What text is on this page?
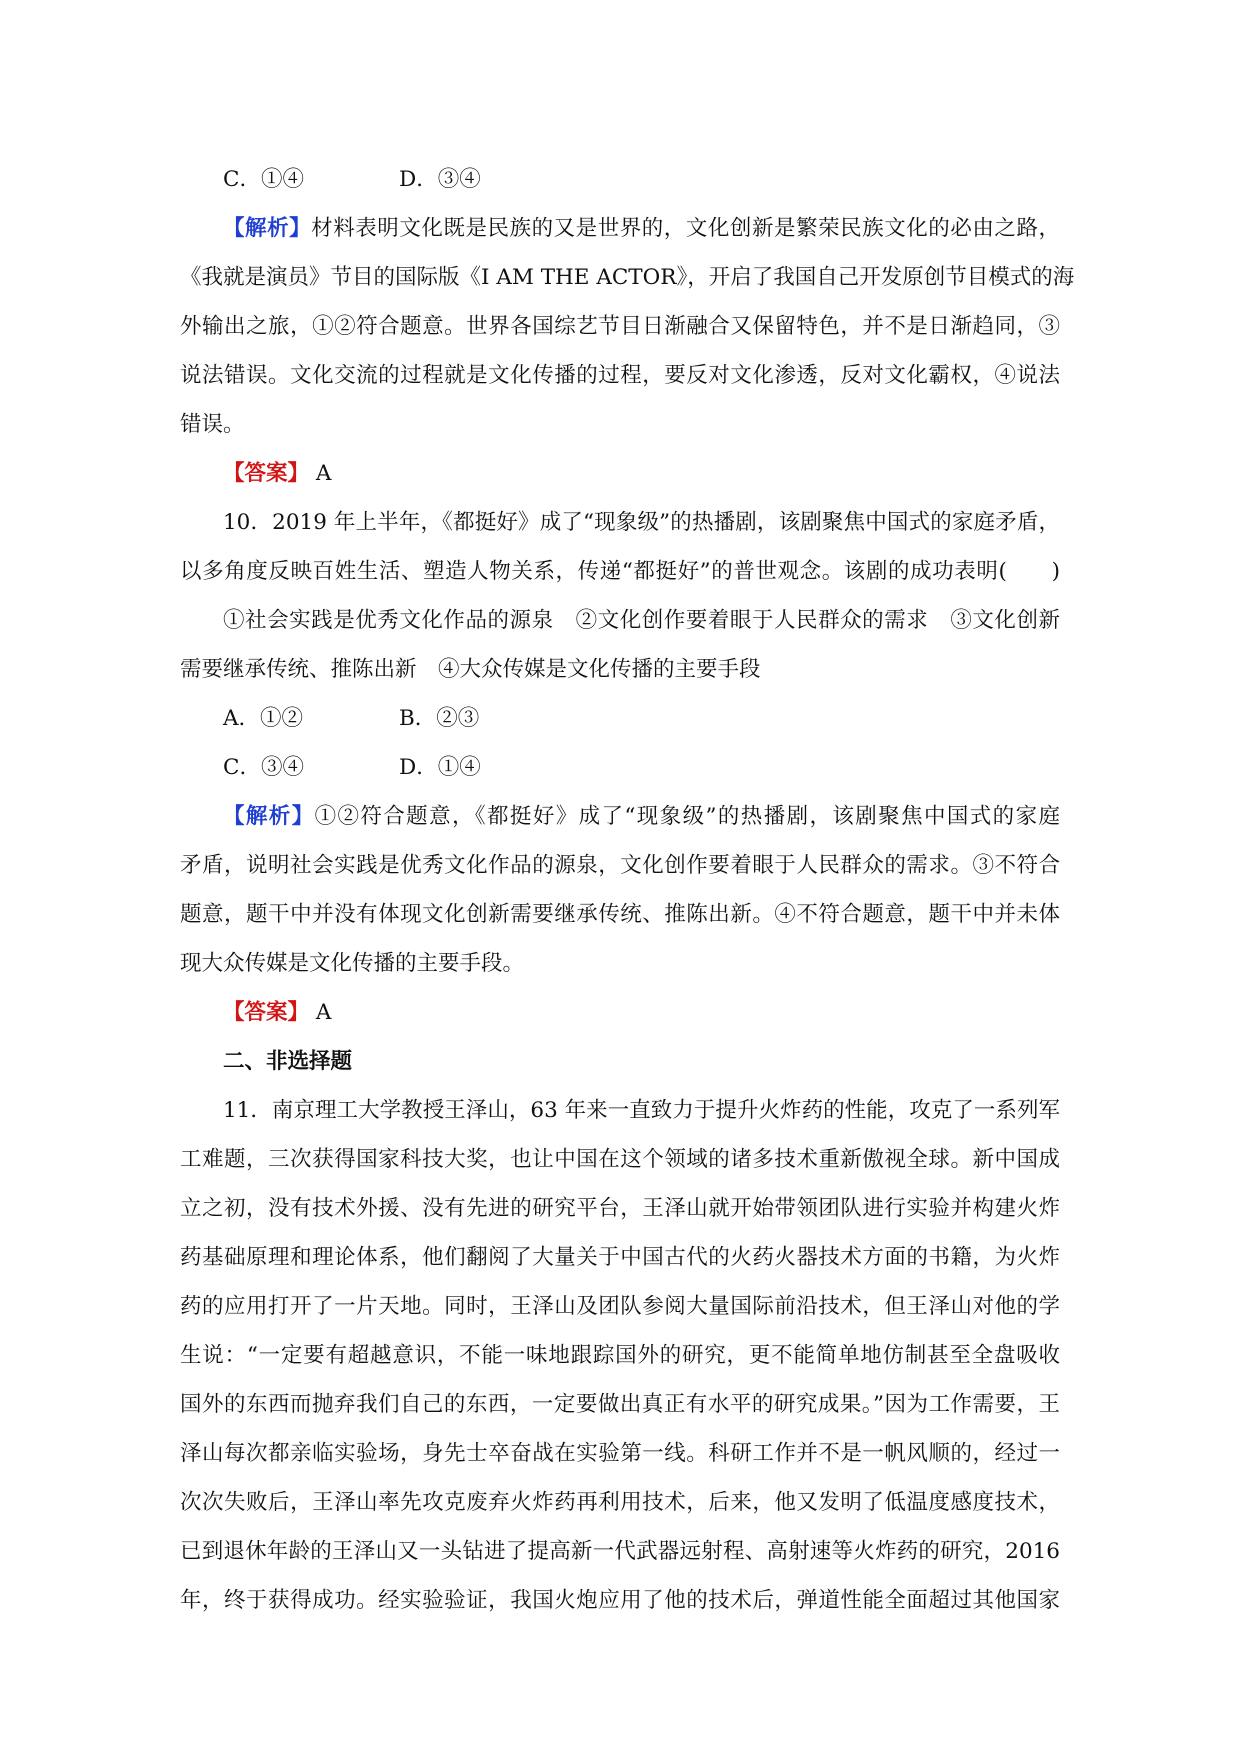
C．①④	D．③④
【解析】材料表明文化既是民族的又是世界的，文化创新是繁荣民族文化的必由之路，
《我就是演员》节目的国际版《I AM THE ACTOR》，开启了我国自己开发原创节目模式的海
外输出之旅，①②符合题意。世界各国综艺节目日渐融合又保留特色，并不是日渐趋同，③
说法错误。文化交流的过程就是文化传播的过程，要反对文化渗透，反对文化霸权，④说法
错误。
【答案】 A
10．2019 年上半年，《都挺好》成了“现象级”的热播剧，该剧聚焦中国式的家庭矛盾，
以多角度反映百姓生活、塑造人物关系，传递“都挺好”的普世观念。该剧的成功表明(　　)
①社会实践是优秀文化作品的源泉　②文化创作要着眼于人民群众的需求　③文化创新
需要继承传统、推陈出新　④大众传媒是文化传播的主要手段
A．①②	B．②③
C．③④	D．①④
【解析】①②符合题意，《都挺好》成了“现象级”的热播剧，该剧聚焦中国式的家庭
矛盾，说明社会实践是优秀文化作品的源泉，文化创作要着眼于人民群众的需求。③不符合
题意，题干中并没有体现文化创新需要继承传统、推陈出新。④不符合题意，题干中并未体
现大众传媒是文化传播的主要手段。
【答案】 A
二、非选择题
11．南京理工大学教授王泽山，63 年来一直致力于提升火炸药的性能，攻克了一系列军
工难题，三次获得国家科技大奖，也让中国在这个领域的诸多技术重新傲视全球。新中国成
立之初，没有技术外援、没有先进的研究平台，王泽山就开始带领团队进行实验并构建火炸
药基础原理和理论体系，他们翻阅了大量关于中国古代的火药火器技术方面的书籍，为火炸
药的应用打开了一片天地。同时，王泽山及团队参阅大量国际前沿技术，但王泽山对他的学
生说：“一定要有超越意识，不能一味地跟踪国外的研究，更不能简单地仿制甚至全盘吸收
国外的东西而抛弃我们自己的东西，一定要做出真正有水平的研究成果。”因为工作需要，王
泽山每次都亲临实验场，身先士卒奋战在实验第一线。科研工作并不是一帆风顺的，经过一
次次失败后，王泽山率先攻克废弃火炸药再利用技术，后来，他又发明了低温度感度技术，
已到退休年龄的王泽山又一头钻进了提高新一代武器远射程、高射速等火炸药的研究，2016
年，终于获得成功。经实验验证，我国火炮应用了他的技术后，弹道性能全面超过其他国家
